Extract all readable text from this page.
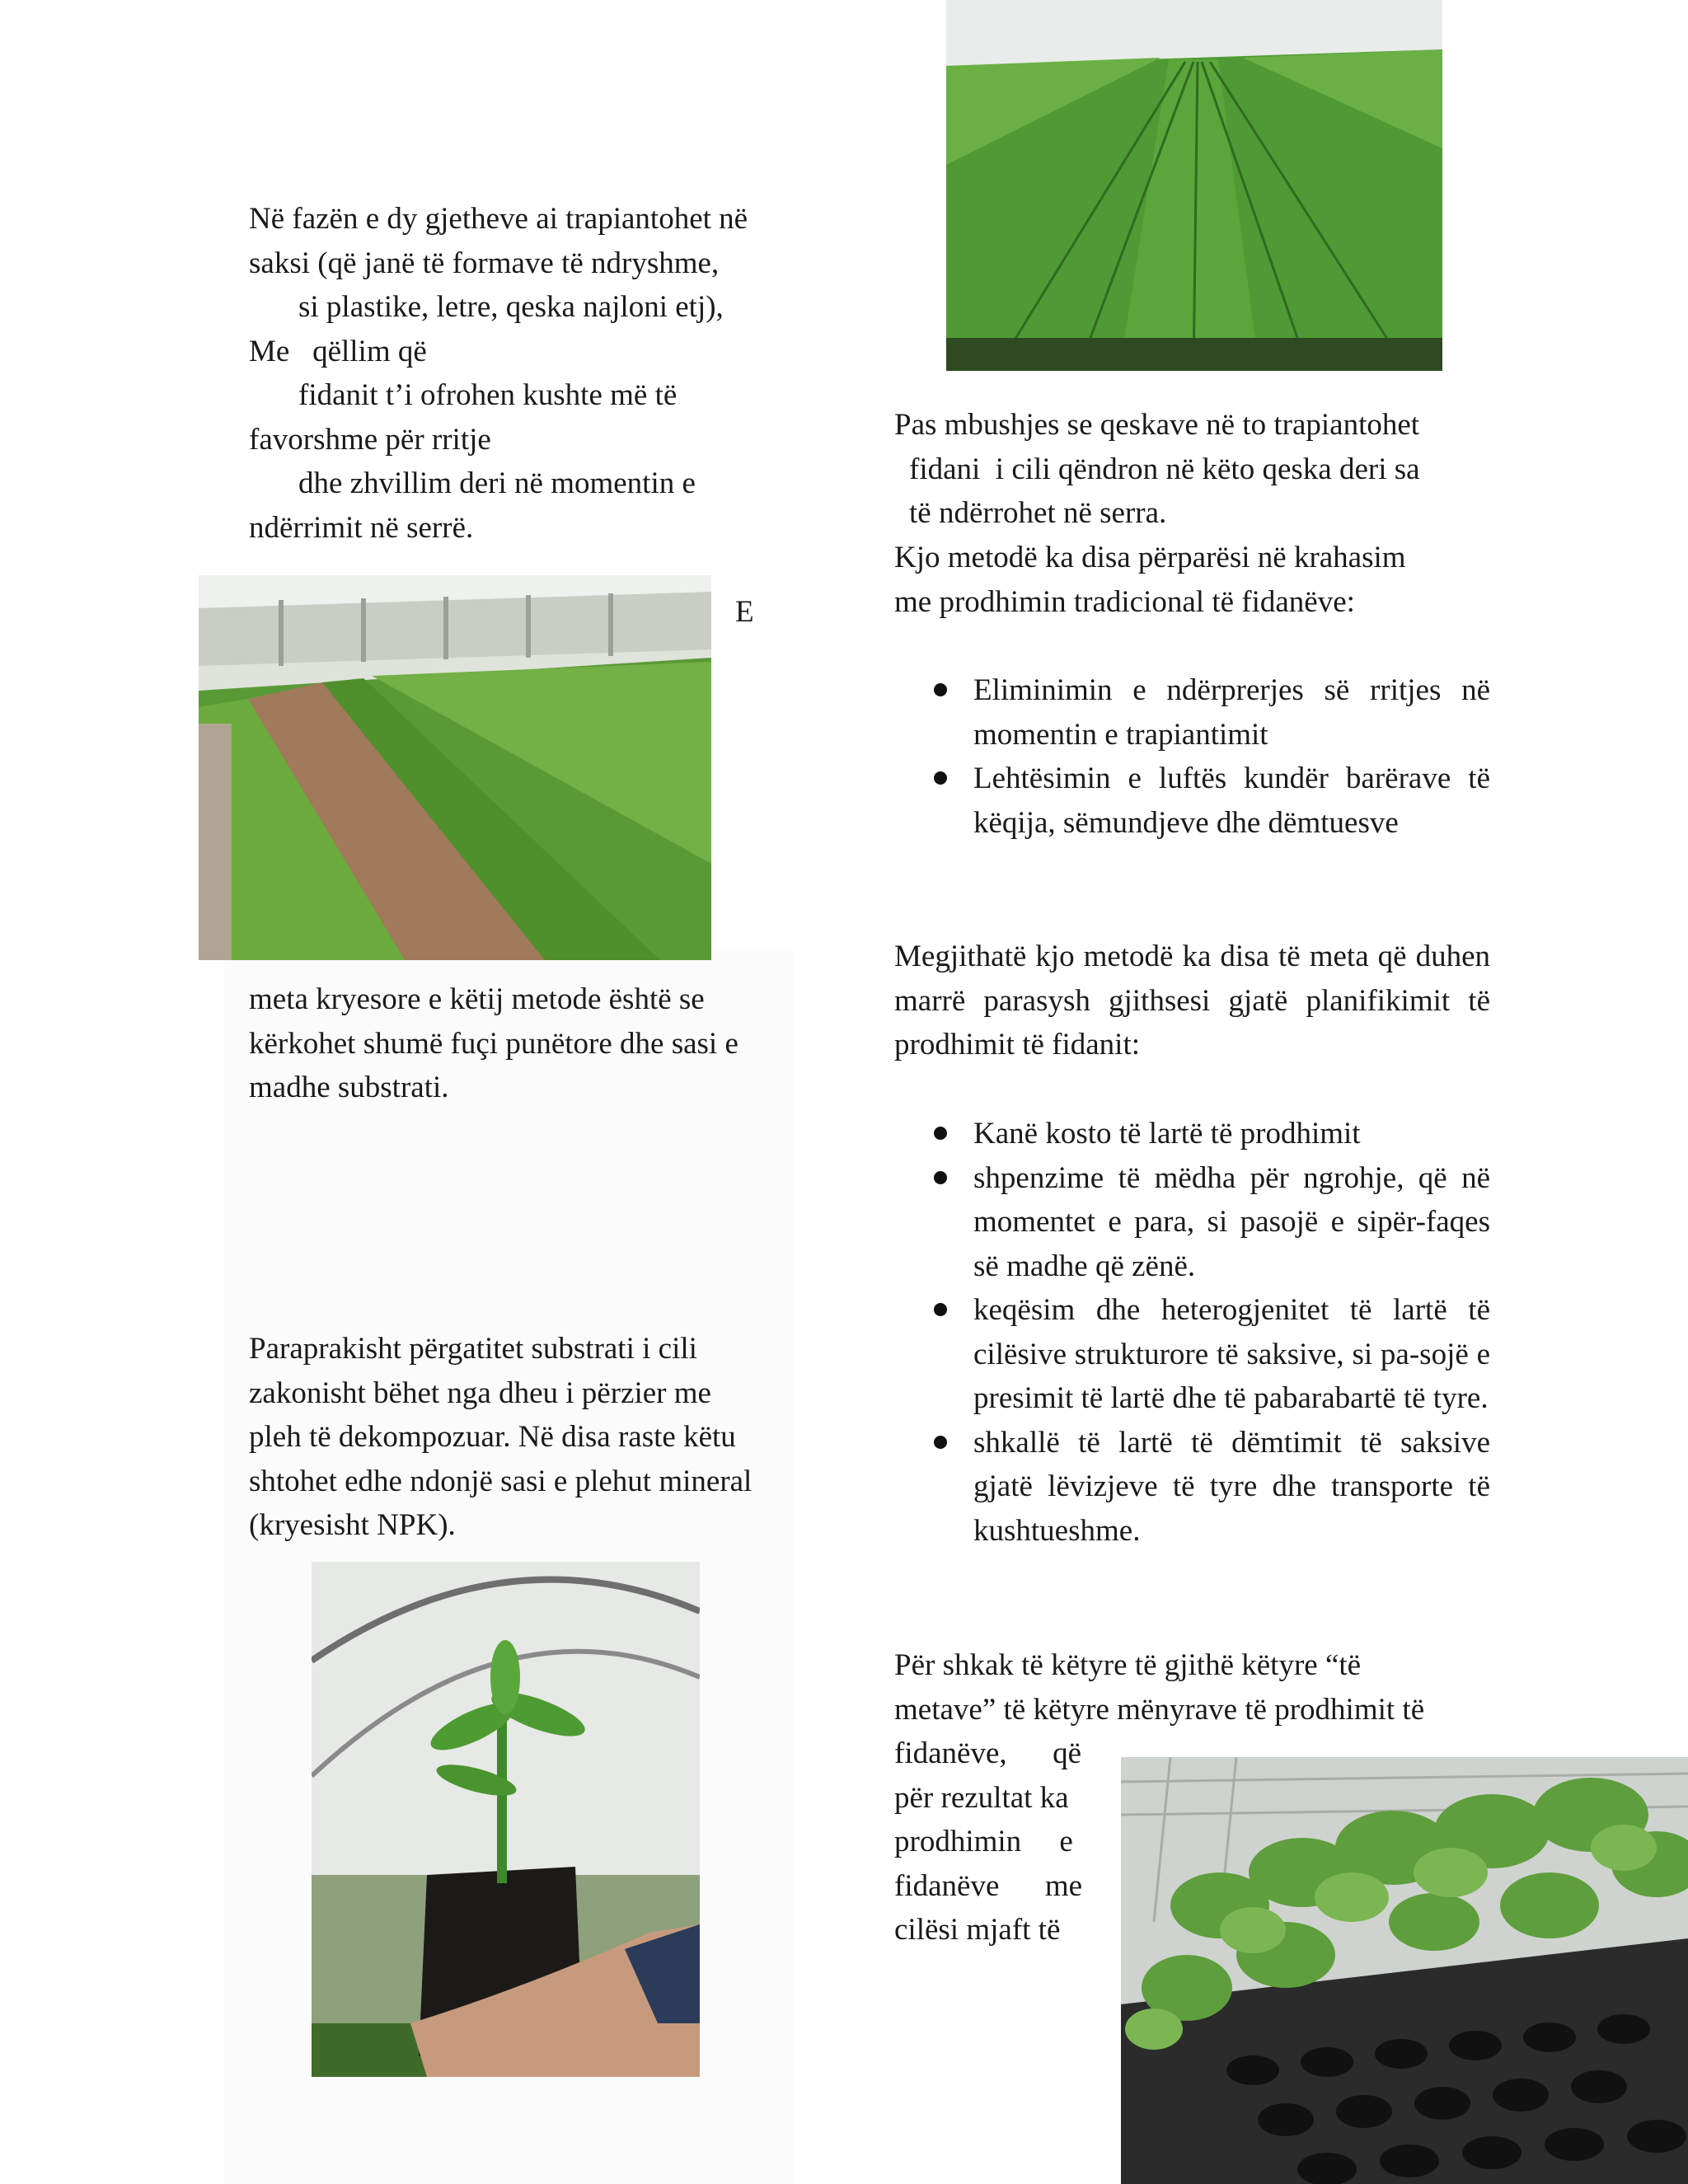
Në fazën e dy gjetheve ai trapiantohet në

saksi (që janë të formave të ndryshme,

si plastike, letre, qeska najloni etj),

Me   qëllim që

fidanit t’i ofrohen kushte më të

favorshme për rritje

dhe zhvillim deri në momentin e

ndërrimit në serrë.

E

meta kryesore e këtij metode është se

kërkohet shumë fuçi punëtore dhe sasi e

madhe substrati.

Paraprakisht përgatitet substrati i cili

zakonisht bëhet nga dheu i përzier me

pleh të dekompozuar. Në disa raste këtu

shtohet edhe ndonjë sasi e plehut mineral

(kryesisht NPK).

Pas mbushjes se qeskave në to trapiantohet

fidani  i cili qëndron në këto qeska deri sa

të ndërrohet në serra.

Kjo metodë ka disa përparësi në krahasim

me prodhimin tradicional të fidanëve:

Eliminimin e ndërprerjes së rritjes në momentin e trapiantimit
Lehtësimin e luftës kundër barërave të këqija, sëmundjeve dhe dëmtuesve

Megjithatë kjo metodë ka disa të meta që duhen marrë parasysh gjithsesi gjatë planifikimit të prodhimit të fidanit:

Kanë kosto të lartë të prodhimit
shpenzime të mëdha për ngrohje, që në momentet e para, si pasojë e sipër-faqes së madhe që zënë.
keqësim dhe heterogjenitet të lartë të cilësive strukturore të saksive, si pa-sojë e presimit të lartë dhe të pabarabartë të tyre.
shkallë të lartë të dëmtimit të saksive gjatë lëvizjeve të tyre dhe transporte të kushtueshme.

Për shkak të këtyre të gjithë këtyre “të

metave” të këtyre mënyrave të prodhimit të

fidanëve,      që

për rezultat ka

prodhimin     e

fidanëve      me

cilësi mjaft të
